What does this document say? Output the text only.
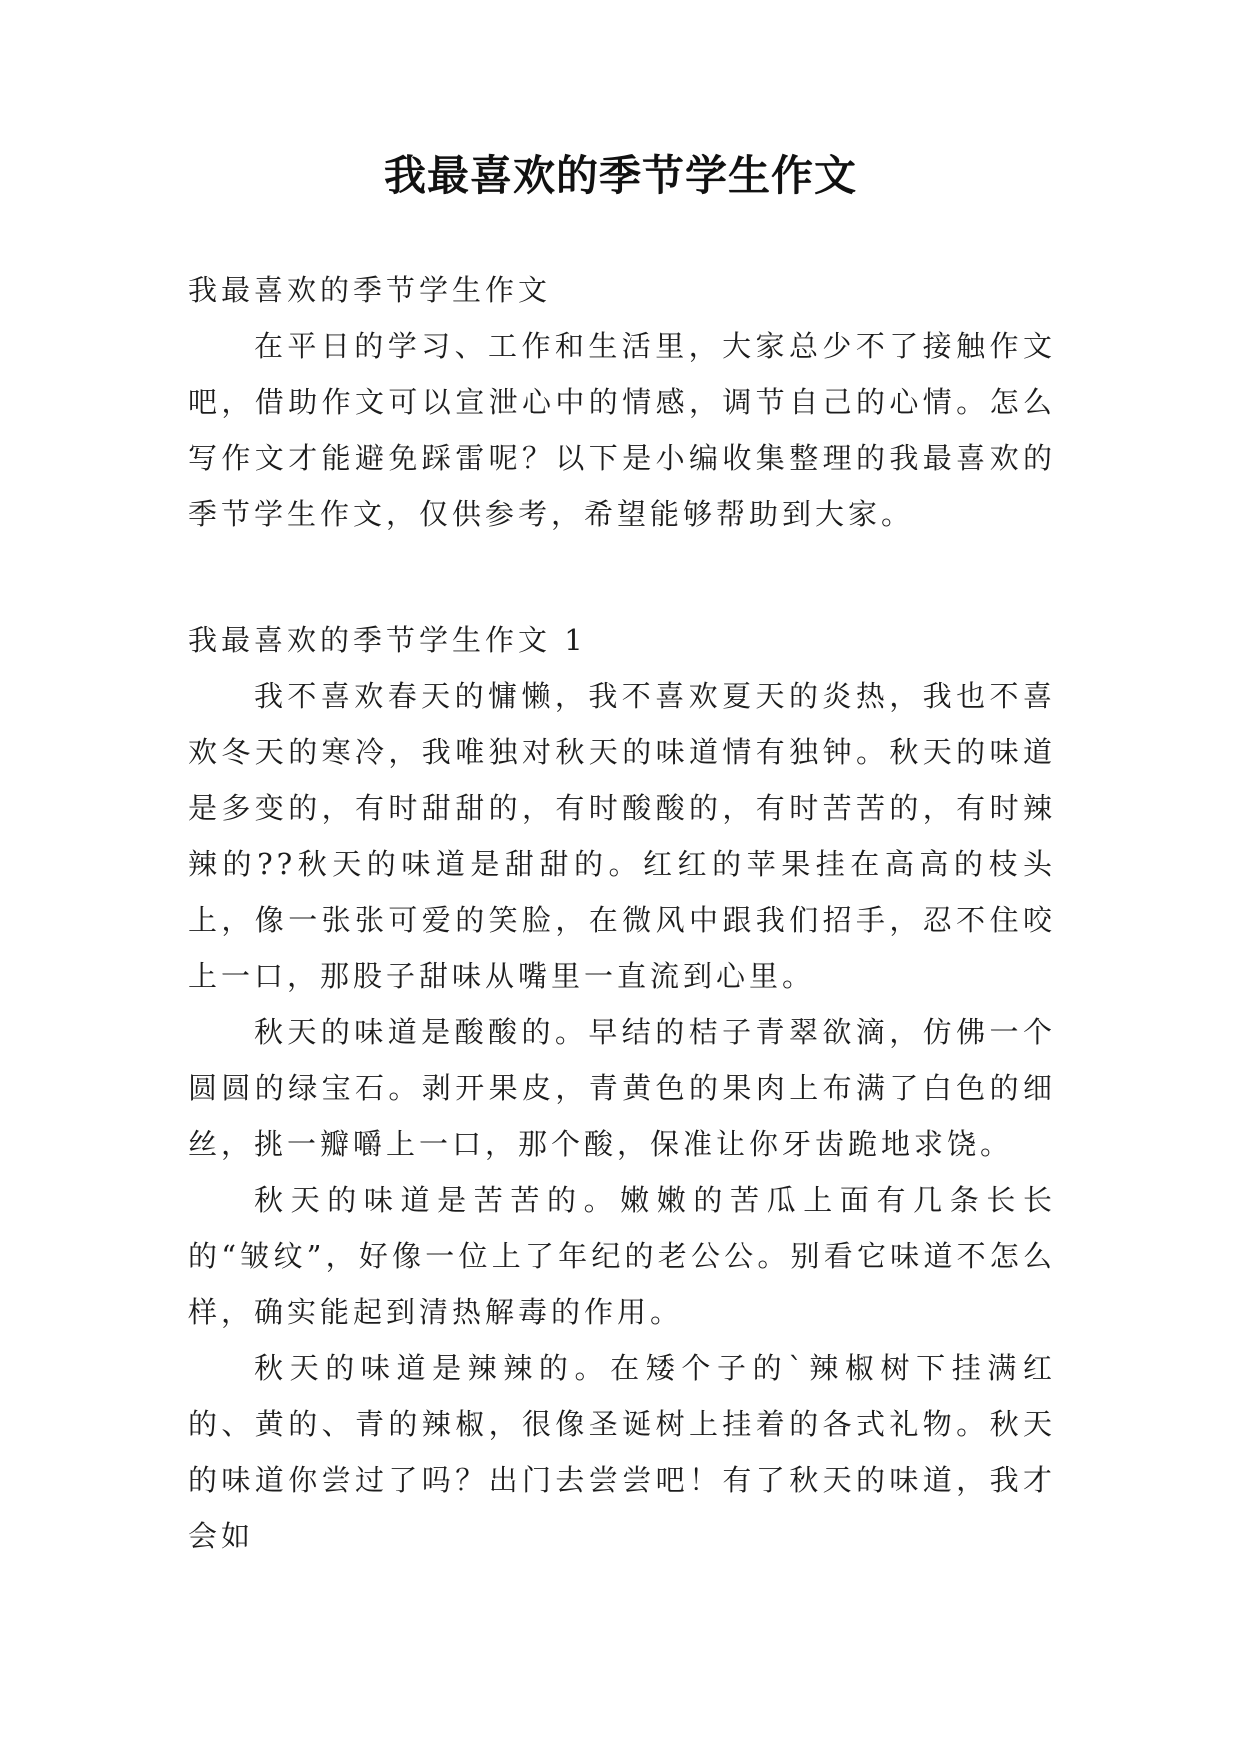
我最喜欢的季节学生作文

我最喜欢的季节学生作文

在平日的学习、工作和生活里，大家总少不了接触作文吧，借助作文可以宣泄心中的情感，调节自己的心情。怎么写作文才能避免踩雷呢？以下是小编收集整理的我最喜欢的季节学生作文，仅供参考，希望能够帮助到大家。

我最喜欢的季节学生作文 1

我不喜欢春天的慵懒，我不喜欢夏天的炎热，我也不喜欢冬天的寒冷，我唯独对秋天的味道情有独钟。秋天的味道是多变的，有时甜甜的，有时酸酸的，有时苦苦的，有时辣辣的??秋天的味道是甜甜的。红红的苹果挂在高高的枝头上，像一张张可爱的笑脸，在微风中跟我们招手，忍不住咬上一口，那股子甜味从嘴里一直流到心里。

秋天的味道是酸酸的。早结的桔子青翠欲滴，仿佛一个圆圆的绿宝石。剥开果皮，青黄色的果肉上布满了白色的细丝，挑一瓣嚼上一口，那个酸，保准让你牙齿跪地求饶。

秋天的味道是苦苦的。嫩嫩的苦瓜上面有几条长长的“皱纹”，好像一位上了年纪的老公公。别看它味道不怎么样，确实能起到清热解毒的作用。

秋天的味道是辣辣的。在矮个子的`辣椒树下挂满红的、黄的、青的辣椒，很像圣诞树上挂着的各式礼物。秋天的味道你尝过了吗？出门去尝尝吧！有了秋天的味道，我才会如
